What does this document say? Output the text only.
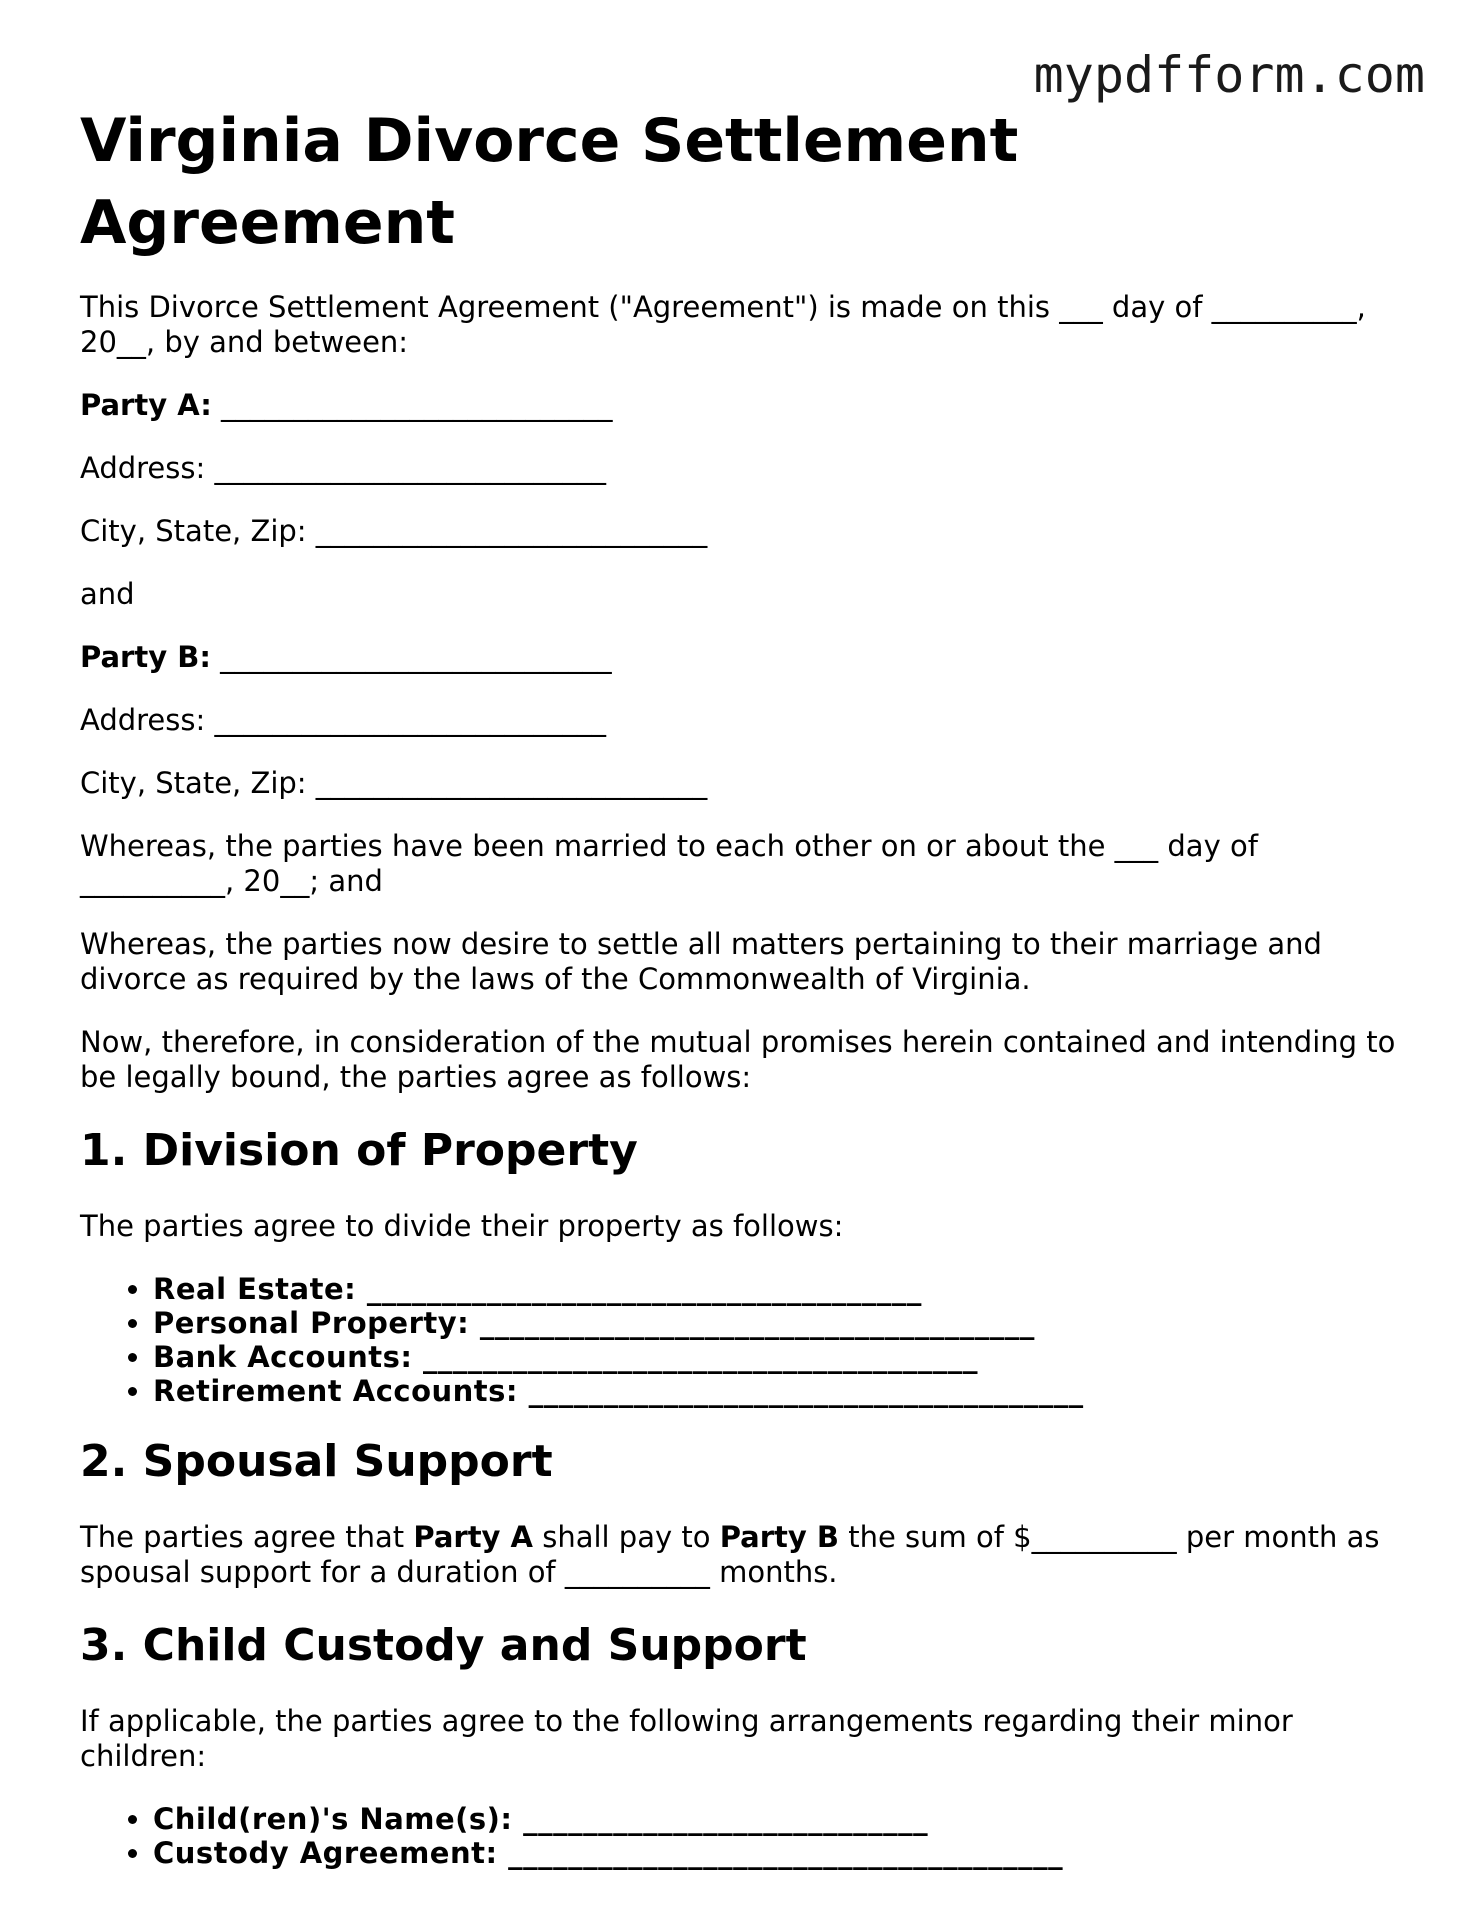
mypdfform.com
Virginia Divorce Settlement Agreement

This Divorce Settlement Agreement ("Agreement") is made on this ___ day of __________, 20__, by and between:

Party A: ___________________________

Address: ___________________________

City, State, Zip: ___________________________

and

Party B: ___________________________

Address: ___________________________

City, State, Zip: ___________________________

Whereas, the parties have been married to each other on or about the ___ day of __________, 20__; and

Whereas, the parties now desire to settle all matters pertaining to their marriage and divorce as required by the laws of the Commonwealth of Virginia.

Now, therefore, in consideration of the mutual promises herein contained and intending to be legally bound, the parties agree as follows:

1. Division of Property

The parties agree to divide their property as follows:

• Real Estate: _____________________________________
• Personal Property: _____________________________________
• Bank Accounts: _____________________________________
• Retirement Accounts: _____________________________________
2. Spousal Support

The parties agree that Party A shall pay to Party B the sum of $__________ per month as spousal support for a duration of __________ months.

3. Child Custody and Support

If applicable, the parties agree to the following arrangements regarding their minor children:

• Child(ren)'s Name(s): ___________________________
• Custody Agreement: _____________________________________
